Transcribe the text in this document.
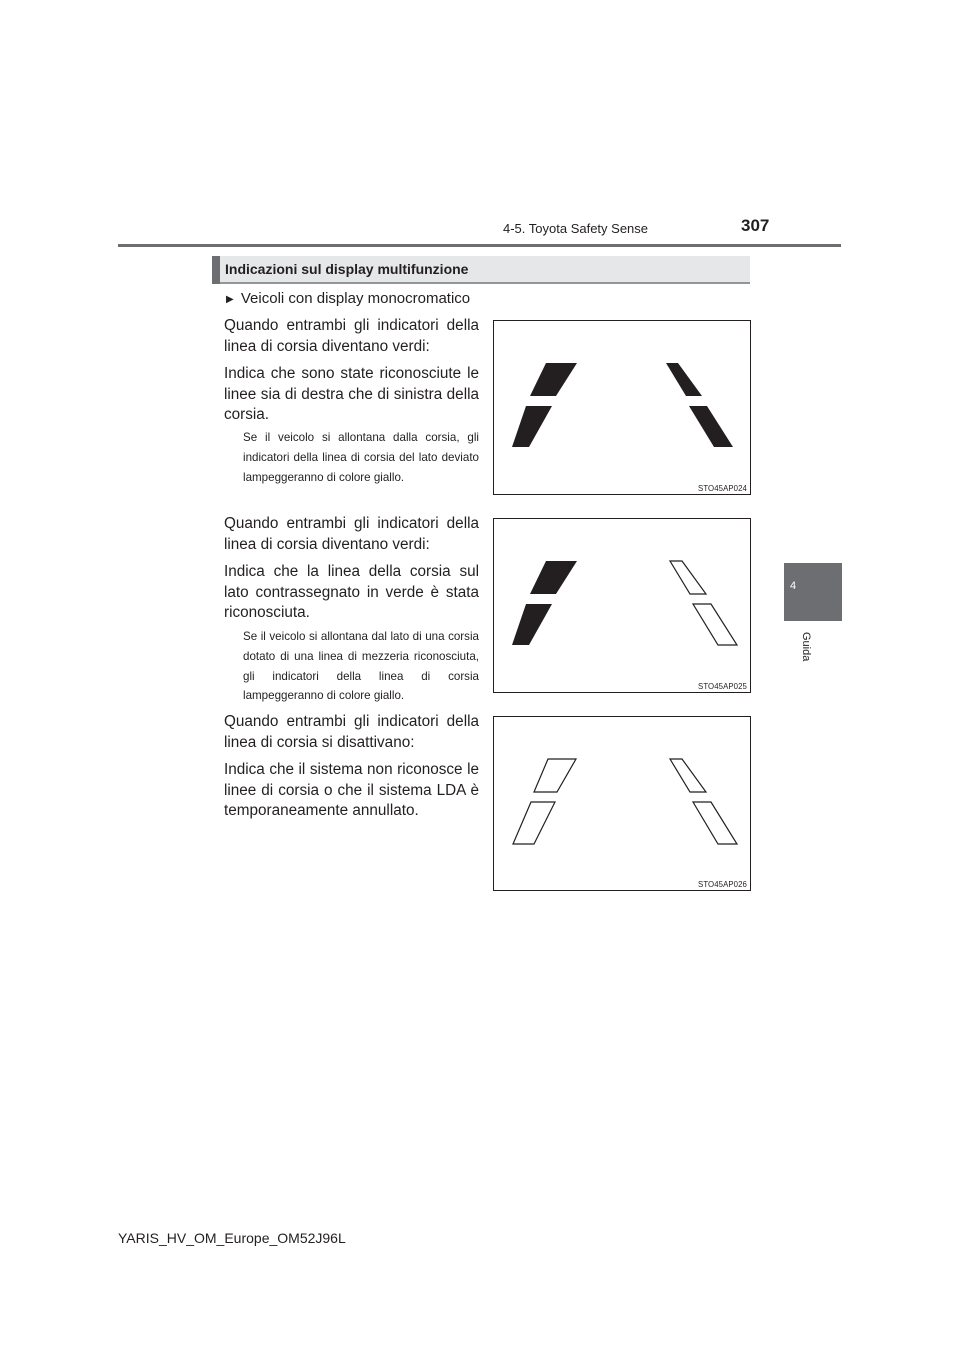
4-5. Toyota Safety Sense	307
4
Guida
Indicazioni sul display multifunzione
▶ Veicoli con display monocromatico
Quando entrambi gli indicatori della linea di corsia diventano verdi:
Indica che sono state riconosciute le linee sia di destra che di sinistra della corsia.
Se il veicolo si allontana dalla corsia, gli indicatori della linea di corsia del lato deviato lampeggeranno di colore giallo.
STO45AP024
Quando entrambi gli indicatori della linea di corsia diventano verdi:
Indica che la linea della corsia sul lato contrassegnato in verde è stata riconosciuta.
Se il veicolo si allontana dal lato di una corsia dotato di una linea di mezzeria riconosciuta, gli indicatori della linea di corsia lampeggeranno di colore giallo.
STO45AP025
Quando entrambi gli indicatori della linea di corsia si disattivano:
Indica che il sistema non riconosce le linee di corsia o che il sistema LDA è temporaneamente annullato.
STO45AP026
YARIS_HV_OM_Europe_OM52J96L
